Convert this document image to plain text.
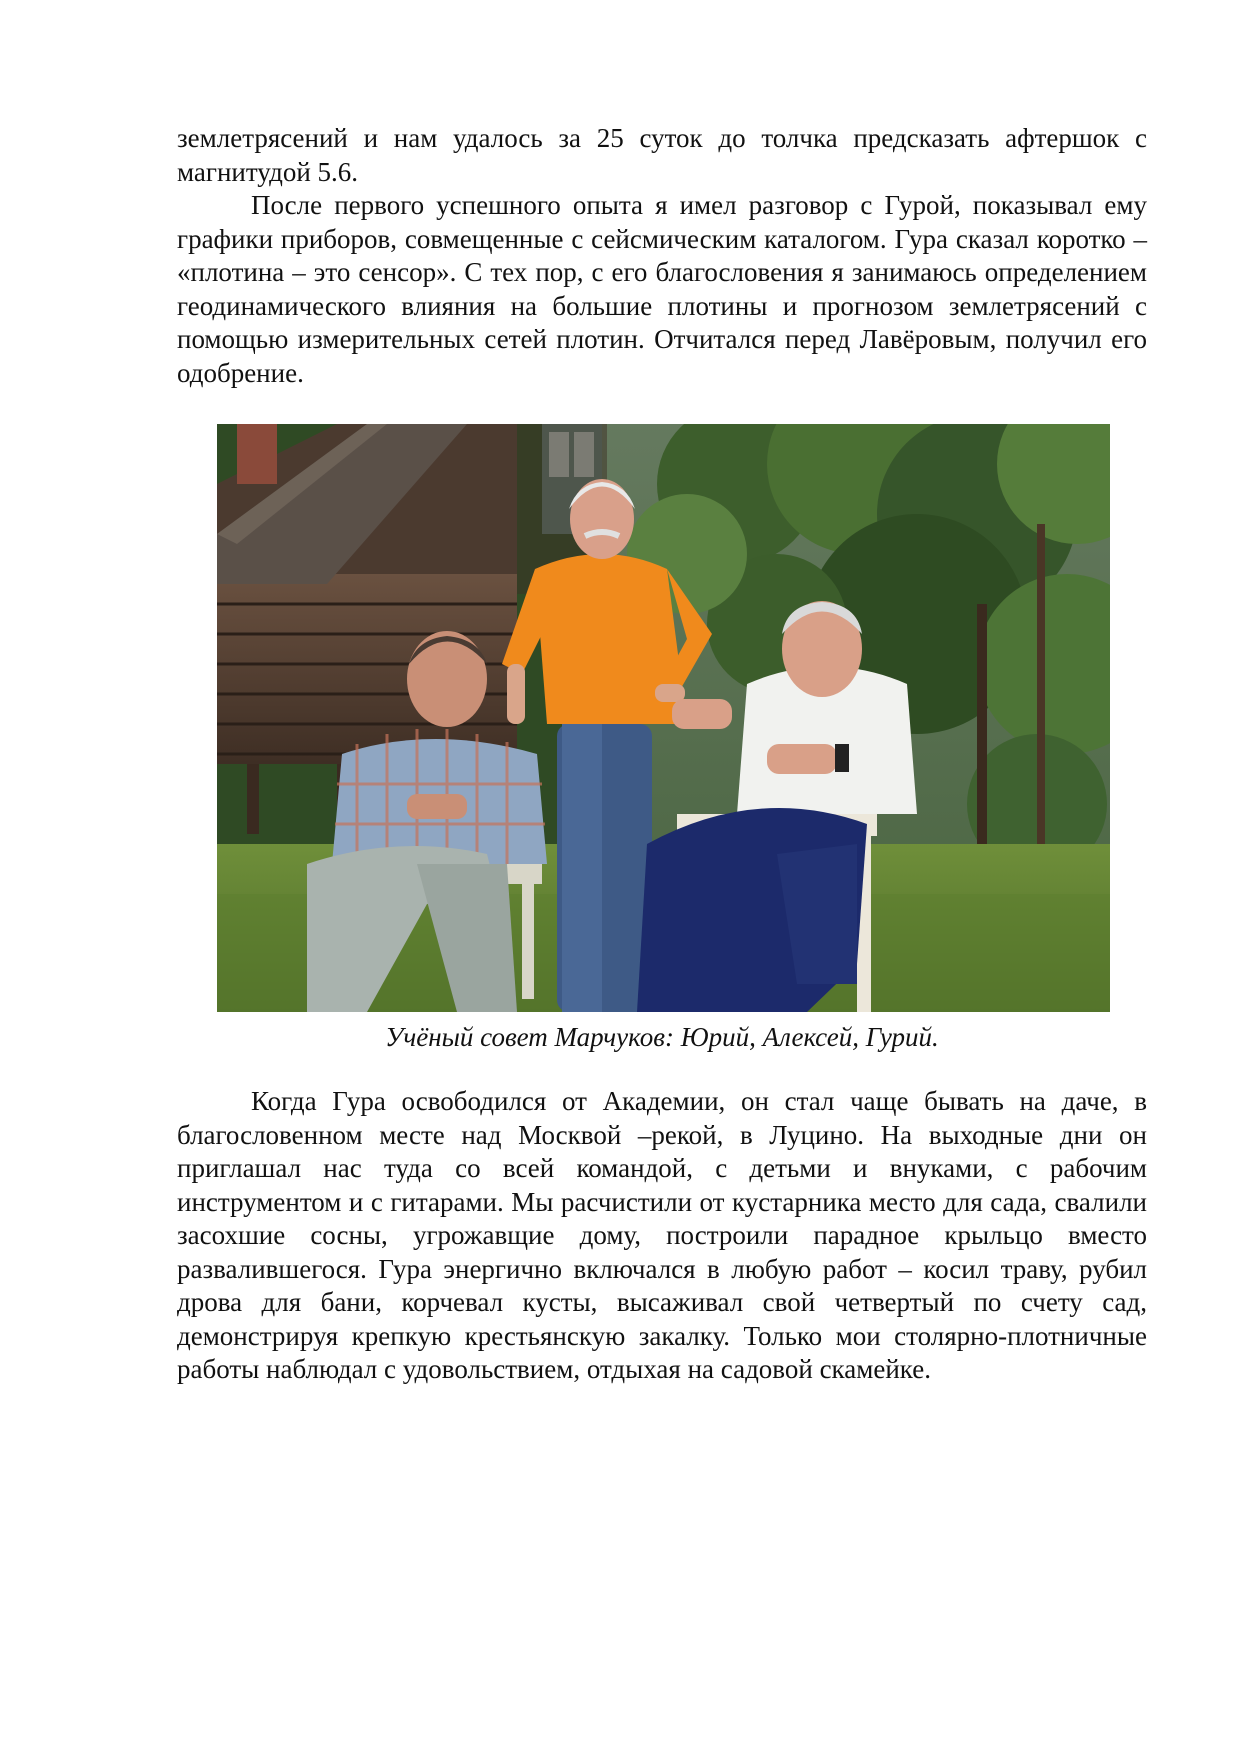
землетрясений и нам удалось за 25 суток до толчка предсказать афтершок с магнитудой 5.6.

После первого успешного опыта я имел разговор с Гурой, показывал ему графики приборов, совмещенные с сейсмическим каталогом. Гура сказал коротко – «плотина – это сенсор». С тех пор, с его благословения я занимаюсь определением геодинамического влияния на большие плотины и прогнозом землетрясений с помощью измерительных сетей плотин. Отчитался перед Лавёровым, получил его одобрение.

Учёный совет Марчуков: Юрий, Алексей, Гурий.

Когда Гура освободился от Академии, он стал чаще бывать на даче, в благословенном месте над Москвой –рекой, в Луцино. На выходные дни он приглашал нас туда со всей командой, с детьми и внуками, с рабочим инструментом и с гитарами. Мы расчистили от кустарника место для сада, свалили засохшие сосны, угрожавщие дому, построили парадное крыльцо вместо развалившегося. Гура энергично включался в любую работ – косил траву, рубил дрова для бани, корчевал кусты, высаживал свой четвертый по счету сад, демонстрируя крепкую крестьянскую закалку. Только мои столярно-плотничные работы наблюдал с удовольствием, отдыхая на садовой скамейке.
